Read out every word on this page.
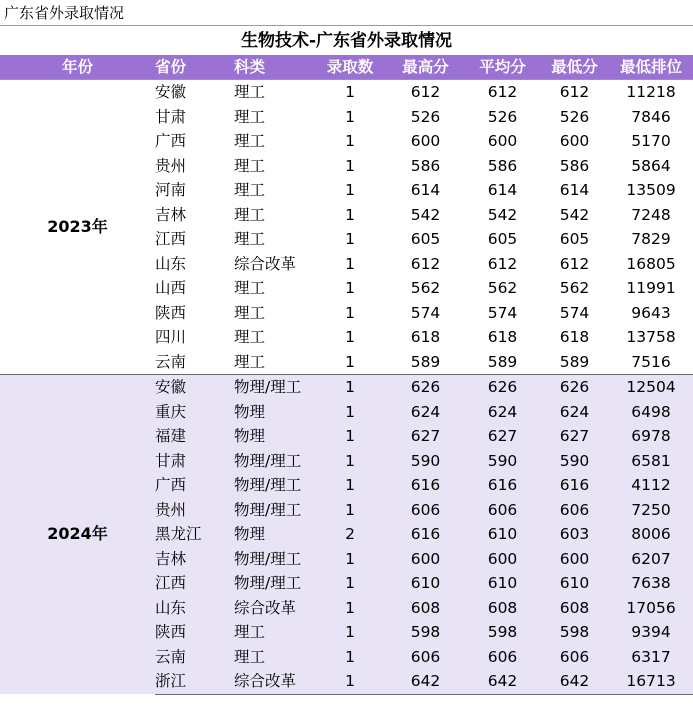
广东省外录取情况
生物技术-广东省外录取情况							
年份	省份	科类	录取数	最高分	平均分	最低分	最低排位
2023年	安徽	理工	1	612	612	612	11218
	甘肃	理工	1	526	526	526	7846
	广西	理工	1	600	600	600	5170
	贵州	理工	1	586	586	586	5864
	河南	理工	1	614	614	614	13509
	吉林	理工	1	542	542	542	7248
	江西	理工	1	605	605	605	7829
	山东	综合改革	1	612	612	612	16805
	山西	理工	1	562	562	562	11991
	陕西	理工	1	574	574	574	9643
	四川	理工	1	618	618	618	13758
	云南	理工	1	589	589	589	7516
2024年	安徽	物理/理工	1	626	626	626	12504
	重庆	物理	1	624	624	624	6498
	福建	物理	1	627	627	627	6978
	甘肃	物理/理工	1	590	590	590	6581
	广西	物理/理工	1	616	616	616	4112
	贵州	物理/理工	1	606	606	606	7250
	黑龙江	物理	2	616	610	603	8006
	吉林	物理/理工	1	600	600	600	6207
	江西	物理/理工	1	610	610	610	7638
	山东	综合改革	1	608	608	608	17056
	陕西	理工	1	598	598	598	9394
	云南	理工	1	606	606	606	6317
	浙江	综合改革	1	642	642	642	16713
